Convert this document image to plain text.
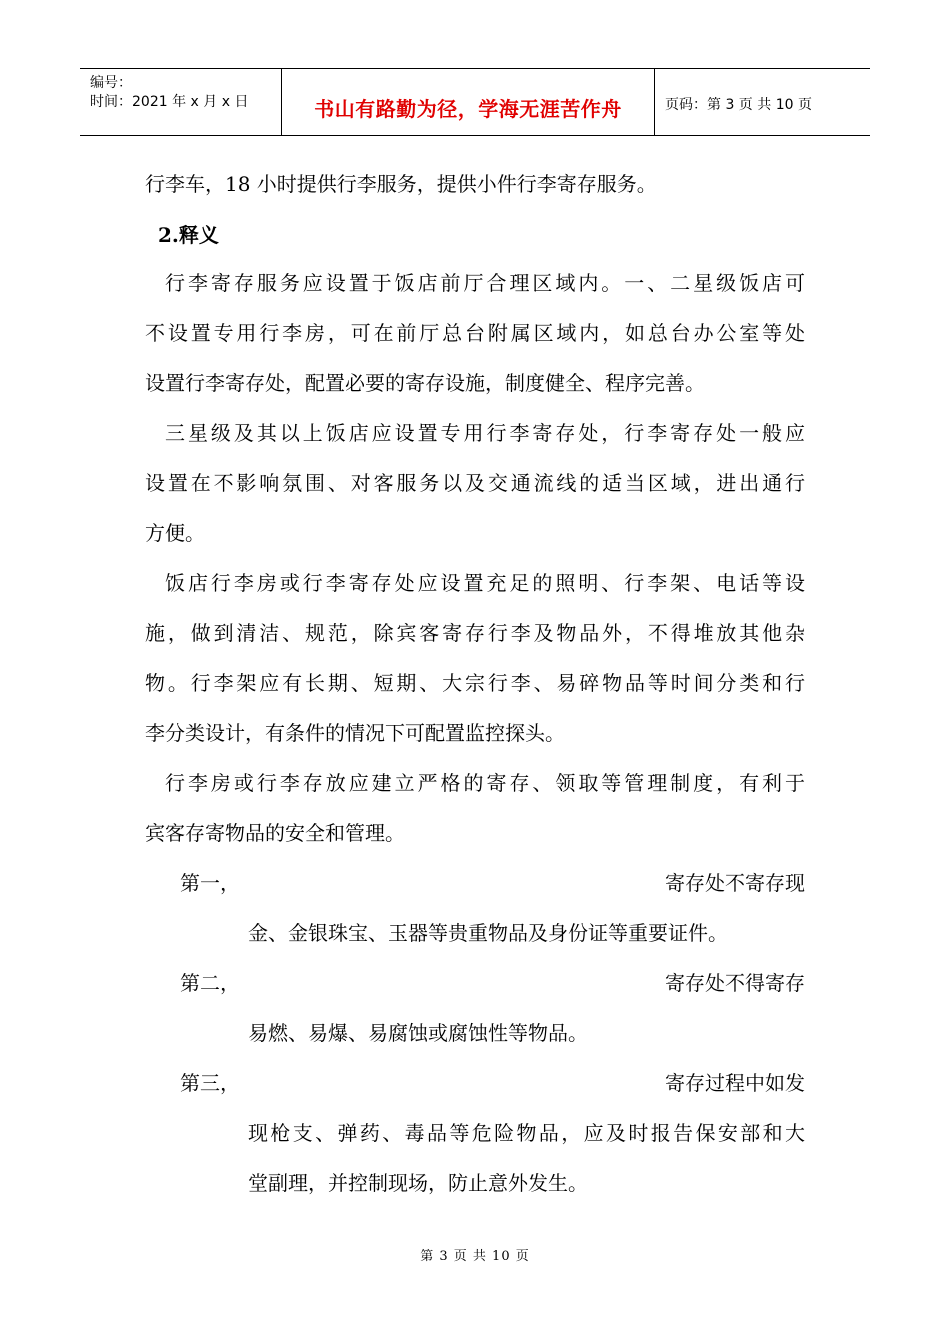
编号：
时间：2021 年 x 月 x 日	书山有路勤为径，学海无涯苦作舟	页码：第 3 页 共 10 页
行李车，18 小时提供行李服务，提供小件行李寄存服务。
2.释义
行李寄存服务应设置于饭店前厅合理区域内。一、二星级饭店可
不设置专用行李房，可在前厅总台附属区域内，如总台办公室等处
设置行李寄存处，配置必要的寄存设施，制度健全、程序完善。
三星级及其以上饭店应设置专用行李寄存处，行李寄存处一般应
设置在不影响氛围、对客服务以及交通流线的适当区域，进出通行
方便。
饭店行李房或行李寄存处应设置充足的照明、行李架、电话等设
施，做到清洁、规范，除宾客寄存行李及物品外，不得堆放其他杂
物。行李架应有长期、短期、大宗行李、易碎物品等时间分类和行
李分类设计，有条件的情况下可配置监控探头。
行李房或行李存放应建立严格的寄存、领取等管理制度，有利于
宾客存寄物品的安全和管理。
第一，	寄存处不寄存现
金、金银珠宝、玉器等贵重物品及身份证等重要证件。
第二，	寄存处不得寄存
易燃、易爆、易腐蚀或腐蚀性等物品。
第三，	寄存过程中如发
现枪支、弹药、毒品等危险物品，应及时报告保安部和大
堂副理，并控制现场，防止意外发生。
第 3 页 共 10 页
